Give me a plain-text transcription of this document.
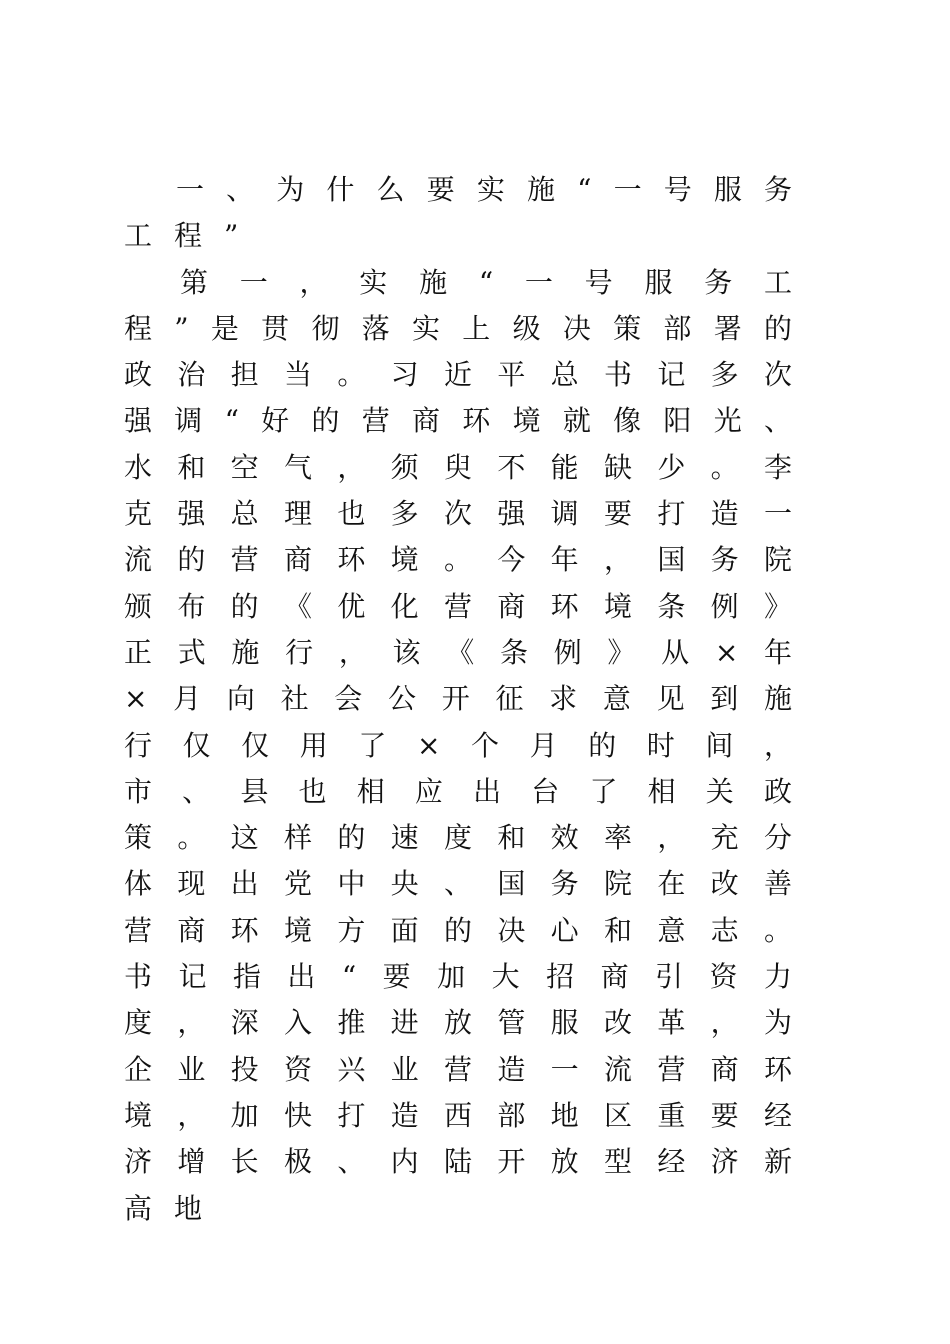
一、为什么要实施“一号服务工程”

第一，实施“一号服务工程”是贯彻落实上级决策部署的政治担当。习近平总书记多次强调“好的营商环境就像阳光、水和空气，须臾不能缺少。李克强总理也多次强调要打造一流的营商环境。今年，国务院颁布的《优化营商环境条例》正式施行，该《条例》从×年×月向社会公开征求意见到施行仅仅用了×个月的时间，市、县也相应出台了相关政策。这样的速度和效率，充分体现出党中央、国务院在改善营商环境方面的决心和意志。书记指出“要加大招商引资力度，深入推进放管服改革，为企业投资兴业营造一流营商环境，加快打造西部地区重要经济增长极、内陆开放型经济新高地
